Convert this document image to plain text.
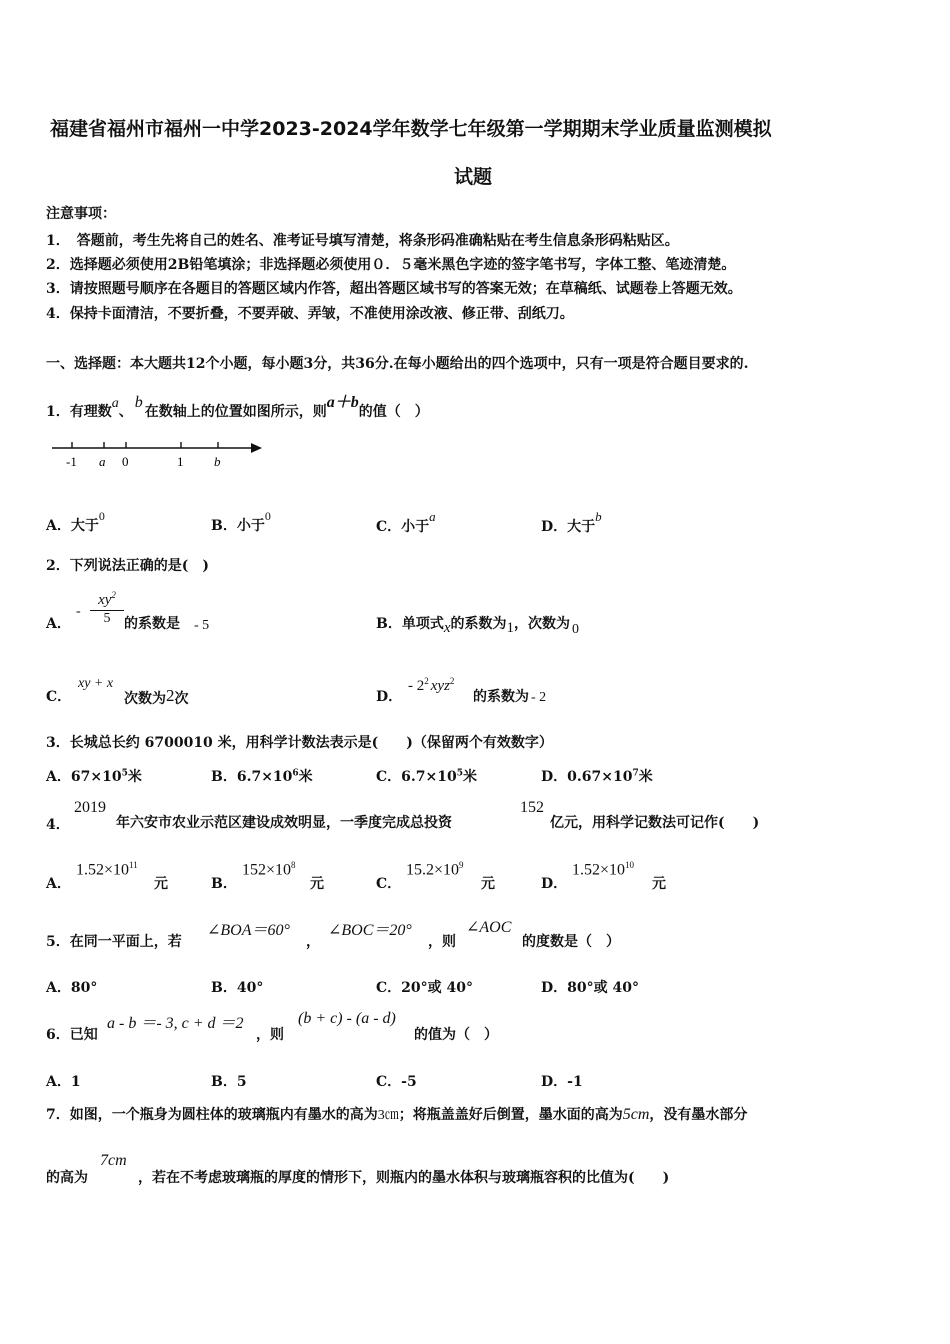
福建省福州市福州一中学2023-2024学年数学七年级第一学期期末学业质量监测模拟
试题
注意事项：
1．　答题前，考生先将自己的姓名、准考证号填写清楚，将条形码准确粘贴在考生信息条形码粘贴区。
2．选择题必须使用2B铅笔填涂；非选择题必须使用０．５毫米黑色字迹的签字笔书写，字体工整、笔迹清楚。
3．请按照题号顺序在各题目的答题区域内作答，超出答题区域书写的答案无效；在草稿纸、试题卷上答题无效。
4．保持卡面清洁，不要折叠，不要弄破、弄皱，不准使用涂改液、修正带、刮纸刀。
一、选择题：本大题共12个小题，每小题3分，共36分.在每小题给出的四个选项中，只有一项是符合题目要求的.
1．有理数a、b在数轴上的位置如图所示，则a＋b的值（　）
-1 a 0	1 b
A．大于0
B．小于0
C．小于a
D．大于b
2．下列说法正确的是(　)
A．
-
$xy^2$
5 的系数是 - 5	B．单项式x的系数为1，次数为 0
C．
xy + x
次数为2次	D．
- $2^2$ xyz$^2$
的系数为 - 2
3．长城总长约 6700010 米，用科学计数法表示是(　　)（保留两个有效数字）
A．$67\times 10^5$米	B．$6.7\times 10^6$米	C．$6.7\times 10^5$米	D．$0.67\times 10^7$米
4．
2019
年六安市农业示范区建设成效明显，一季度完成总投资
152
亿元，用科学记数法可记作(　　)
A．
$1.52\times 10^{11}$
元	B．
$152\times 10^8$
元	C．
$15.2\times 10^9$
元	D．
$1.52\times 10^{10}$
元
5．在同一平面上，若
∠BOA＝60°
，
∠BOC＝20°
，则
∠AOC
的度数是（　）
A．80°	B．40°	C．20°或 40°	D．80°或 40°
6．已知
a - b ＝- 3, c + d ＝2
，则
(b + c) - (a - d)
的值为（　）
A．1	B．5	C．-5	D．-1
7．如图，一个瓶身为圆柱体的玻璃瓶内有墨水的高为3㎝；将瓶盖盖好后倒置，墨水面的高为5cm，没有墨水部分
的高为
7cm
，若在不考虑玻璃瓶的厚度的情形下，则瓶内的墨水体积与玻璃瓶容积的比值为(　　)
